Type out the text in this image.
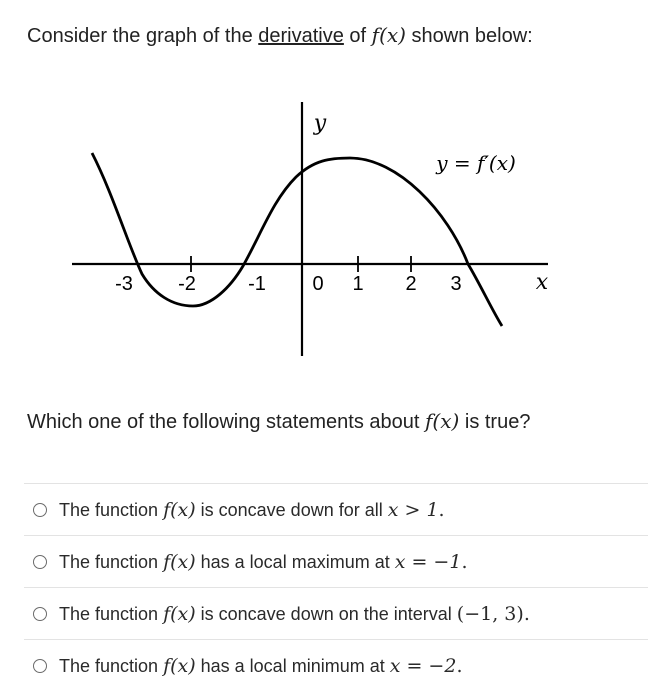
Consider the graph of the derivative of f(x) shown below:
-3 -2	-1 0 1 2 3
y
x
y = f′(x)
Which one of the following statements about f(x) is true?
The function f(x) is concave down for all x > 1.
The function f(x) has a local maximum at x = −1.
The function f(x) is concave down on the interval (−1, 3).
The function f(x) has a local minimum at x = −2.
